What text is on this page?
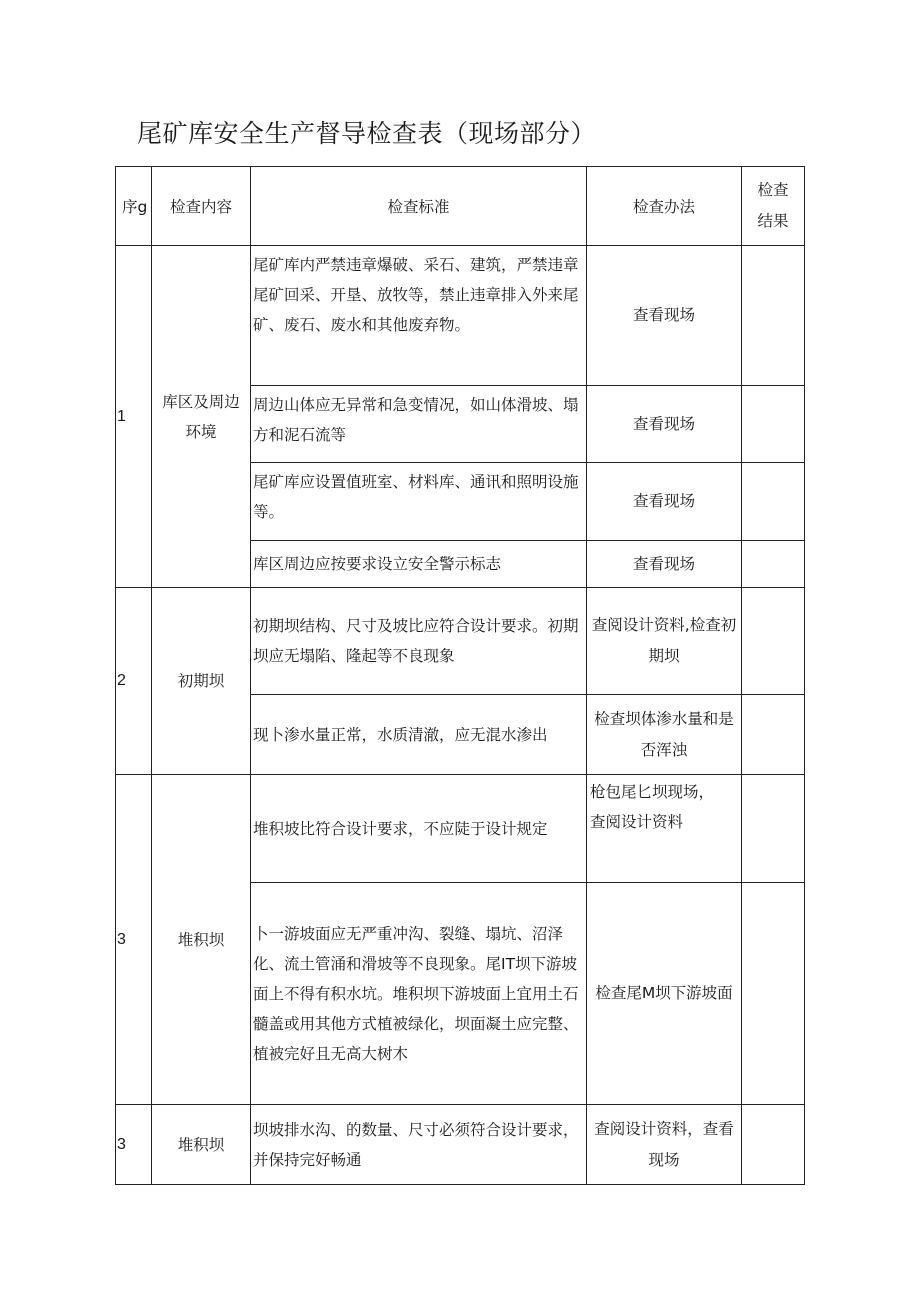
尾矿库安全生产督导检查表（现场部分）
序g	检查内容	检查标准	检查办法	检查结果

1	库区及周边环境	尾矿库内严禁违章爆破、采石、建筑，严禁违章尾矿回采、开垦、放牧等，禁止违章排入外来尾矿、废石、废水和其他废弃物。	查看现场	
		周边山体应无异常和急变情况，如山体滑坡、塌方和泥石流等	查看现场	
		尾矿库应设置值班室、材料库、通讯和照明设施等。	查看现场	
		库区周边应按要求设立安全警示标志	查看现场	
2	初期坝	初期坝结构、尺寸及坡比应符合设计要求。初期坝应无塌陷、隆起等不良现象	查阅设计资料,检查初期坝	

		现卜渗水量正常，水质清澈，应无混水渗出	检查坝体渗水量和是否浑浊	

3	堆积坝	堆积坡比符合设计要求，不应陡于设计规定	枪包尾匕坝现场，查阅设计资料	

		卜一游坡面应无严重冲沟、裂缝、塌坑、沼泽化、流土管涌和滑坡等不良现象。尾IT坝下游坡面上不得有积水坑。堆积坝下游坡面上宜用土石髓盖或用其他方式植被绿化，坝面凝土应完整、植被完好且无高大树木	检查尾M坝下游坡面	
3	堆积坝	坝坡排水沟、的数量、尺寸必须符合设计要求，并保持完好畅通	查阅设计资料，查看现场	
